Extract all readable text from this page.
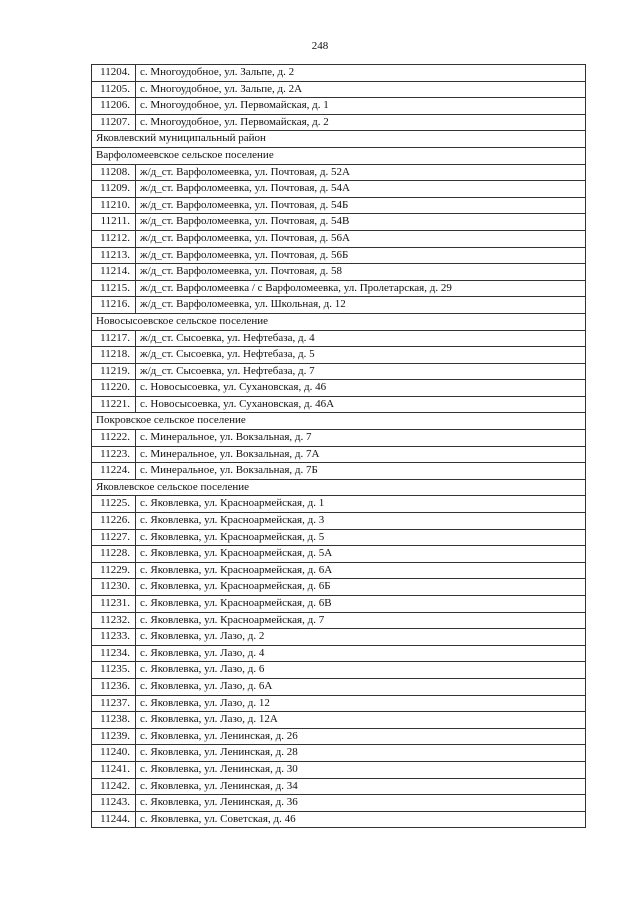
248
11204.	с. Многоудобное, ул. Зальпе, д. 2
11205.	с. Многоудобное, ул. Зальпе, д. 2А
11206.	с. Многоудобное, ул. Первомайская, д. 1
11207.	с. Многоудобное, ул. Первомайская, д. 2
Яковлевский муниципальный район	
Варфоломеевское сельское поселение	
11208.	ж/д_ст. Варфоломеевка, ул. Почтовая, д. 52А
11209.	ж/д_ст. Варфоломеевка, ул. Почтовая, д. 54А
11210.	ж/д_ст. Варфоломеевка, ул. Почтовая, д. 54Б
11211.	ж/д_ст. Варфоломеевка, ул. Почтовая, д. 54В
11212.	ж/д_ст. Варфоломеевка, ул. Почтовая, д. 56А
11213.	ж/д_ст. Варфоломеевка, ул. Почтовая, д. 56Б
11214.	ж/д_ст. Варфоломеевка, ул. Почтовая, д. 58
11215.	ж/д_ст. Варфоломеевка / с Варфоломеевка, ул. Пролетарская, д. 29
11216.	ж/д_ст. Варфоломеевка, ул. Школьная, д. 12
Новосысоевское сельское поселение	
11217.	ж/д_ст. Сысоевка, ул. Нефтебаза, д. 4
11218.	ж/д_ст. Сысоевка, ул. Нефтебаза, д. 5
11219.	ж/д_ст. Сысоевка, ул. Нефтебаза, д. 7
11220.	с. Новосысоевка, ул. Сухановская, д. 46
11221.	с. Новосысоевка, ул. Сухановская, д. 46А
Покровское сельское поселение	
11222.	с. Минеральное, ул. Вокзальная, д. 7
11223.	с. Минеральное, ул. Вокзальная, д. 7А
11224.	с. Минеральное, ул. Вокзальная, д. 7Б
Яковлевское сельское поселение	
11225.	с. Яковлевка, ул. Красноармейская, д. 1
11226.	с. Яковлевка, ул. Красноармейская, д. 3
11227.	с. Яковлевка, ул. Красноармейская, д. 5
11228.	с. Яковлевка, ул. Красноармейская, д. 5А
11229.	с. Яковлевка, ул. Красноармейская, д. 6А
11230.	с. Яковлевка, ул. Красноармейская, д. 6Б
11231.	с. Яковлевка, ул. Красноармейская, д. 6В
11232.	с. Яковлевка, ул. Красноармейская, д. 7
11233.	с. Яковлевка, ул. Лазо, д. 2
11234.	с. Яковлевка, ул. Лазо, д. 4
11235.	с. Яковлевка, ул. Лазо, д. 6
11236.	с. Яковлевка, ул. Лазо, д. 6А
11237.	с. Яковлевка, ул. Лазо, д. 12
11238.	с. Яковлевка, ул. Лазо, д. 12А
11239.	с. Яковлевка, ул. Ленинская, д. 26
11240.	с. Яковлевка, ул. Ленинская, д. 28
11241.	с. Яковлевка, ул. Ленинская, д. 30
11242.	с. Яковлевка, ул. Ленинская, д. 34
11243.	с. Яковлевка, ул. Ленинская, д. 36
11244.	с. Яковлевка, ул. Советская, д. 46
